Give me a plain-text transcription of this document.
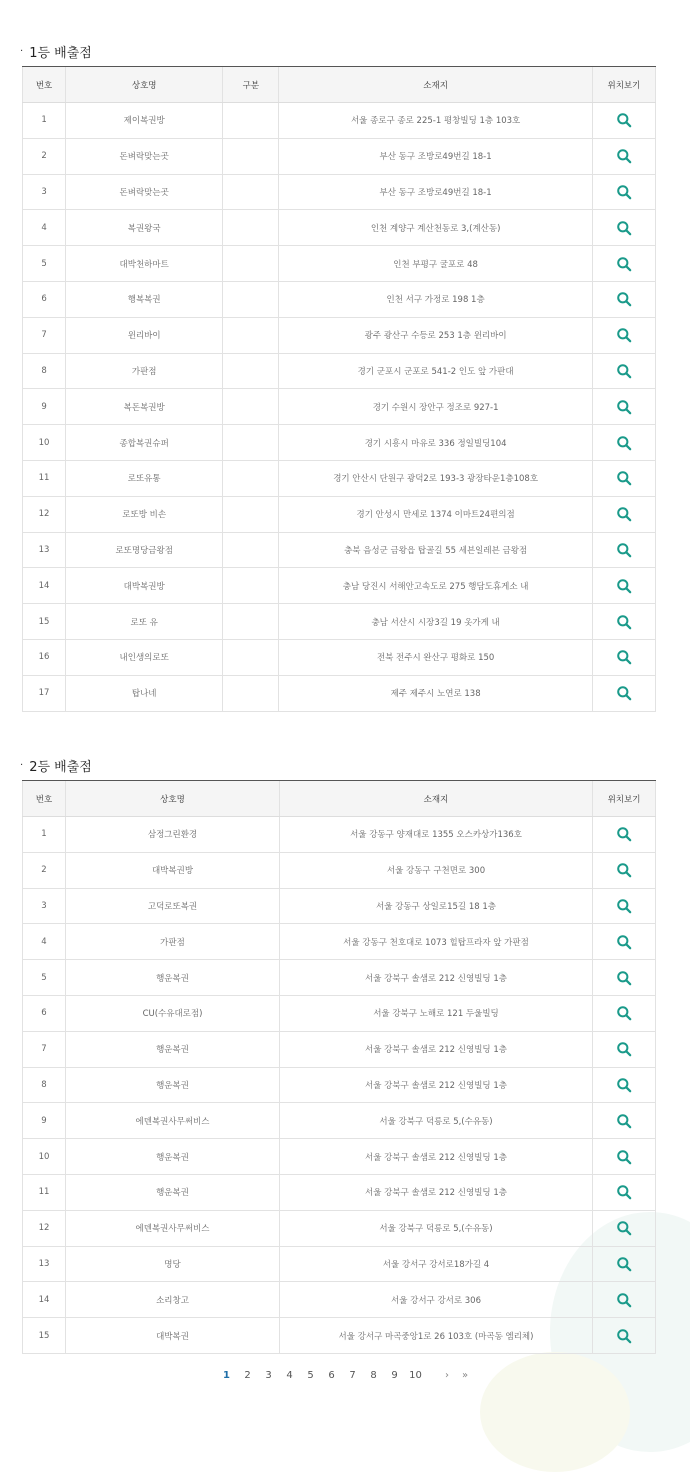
· 1등 배출점
번호	상호명	구분	소재지	위치보기
1	제이복권방		서울 종로구 종로 225-1 평창빌딩 1층 103호	
2	돈벼락맞는곳		부산 동구 조방로49번길 18-1	
3	돈벼락맞는곳		부산 동구 조방로49번길 18-1	
4	복권왕국		인천 계양구 계산천동로 3,(계산동)	
5	대박천하마트		인천 부평구 굴포로 48	
6	행복복권		인천 서구 가정로 198 1층	
7	윈리바이		광주 광산구 수등로 253 1층 윈리바이	
8	가판점		경기 군포시 군포로 541-2 인도 앞 가판대	
9	복돈복권방		경기 수원시 장안구 정조로 927-1	
10	종합복권슈퍼		경기 시흥시 마유로 336 정일빌딩104	
11	로또유통		경기 안산시 단원구 광덕2로 193-3 광장타운1층108호	
12	로또방 비손		경기 안성시 만세로 1374 이마트24편의점	
13	로또명당금왕점		충북 음성군 금왕읍 탑골길 55 세븐일레븐 금왕점	
14	대박복권방		충남 당진시 서해안고속도로 275 행담도휴게소 내	
15	로또 유		충남 서산시 시장3길 19 옷가게 내	
16	내인생의로또		전북 전주시 완산구 평화로 150	
17	탑나네		제주 제주시 노연로 138	
· 2등 배출점
번호	상호명	소재지	위치보기
1	삼정그린환경	서울 강동구 양재대로 1355 오스카상가136호	
2	대박복권방	서울 강동구 구천면로 300	
3	고덕로또복권	서울 강동구 상일로15길 18 1층	
4	가판점	서울 강동구 천호대로 1073 힐탑프라자 앞 가판점	
5	행운복권	서울 강북구 솔샘로 212 신영빌딩 1층	
6	CU(수유대로점)	서울 강북구 노해로 121 두울빌딩	
7	행운복권	서울 강북구 솔샘로 212 신영빌딩 1층	
8	행운복권	서울 강북구 솔샘로 212 신영빌딩 1층	
9	에덴복권사무써비스	서울 강북구 덕릉로 5,(수유동)	
10	행운복권	서울 강북구 솔샘로 212 신영빌딩 1층	
11	행운복권	서울 강북구 솔샘로 212 신영빌딩 1층	
12	에덴복권사무써비스	서울 강북구 덕릉로 5,(수유동)	
13	명당	서울 강서구 강서로18가길 4	
14	소리창고	서울 강서구 강서로 306	
15	대박복권	서울 강서구 마곡중앙1로 26 103호 (마곡동 엠리체)	
1	2	3	4	5	6	7	8	9	10	›	»
